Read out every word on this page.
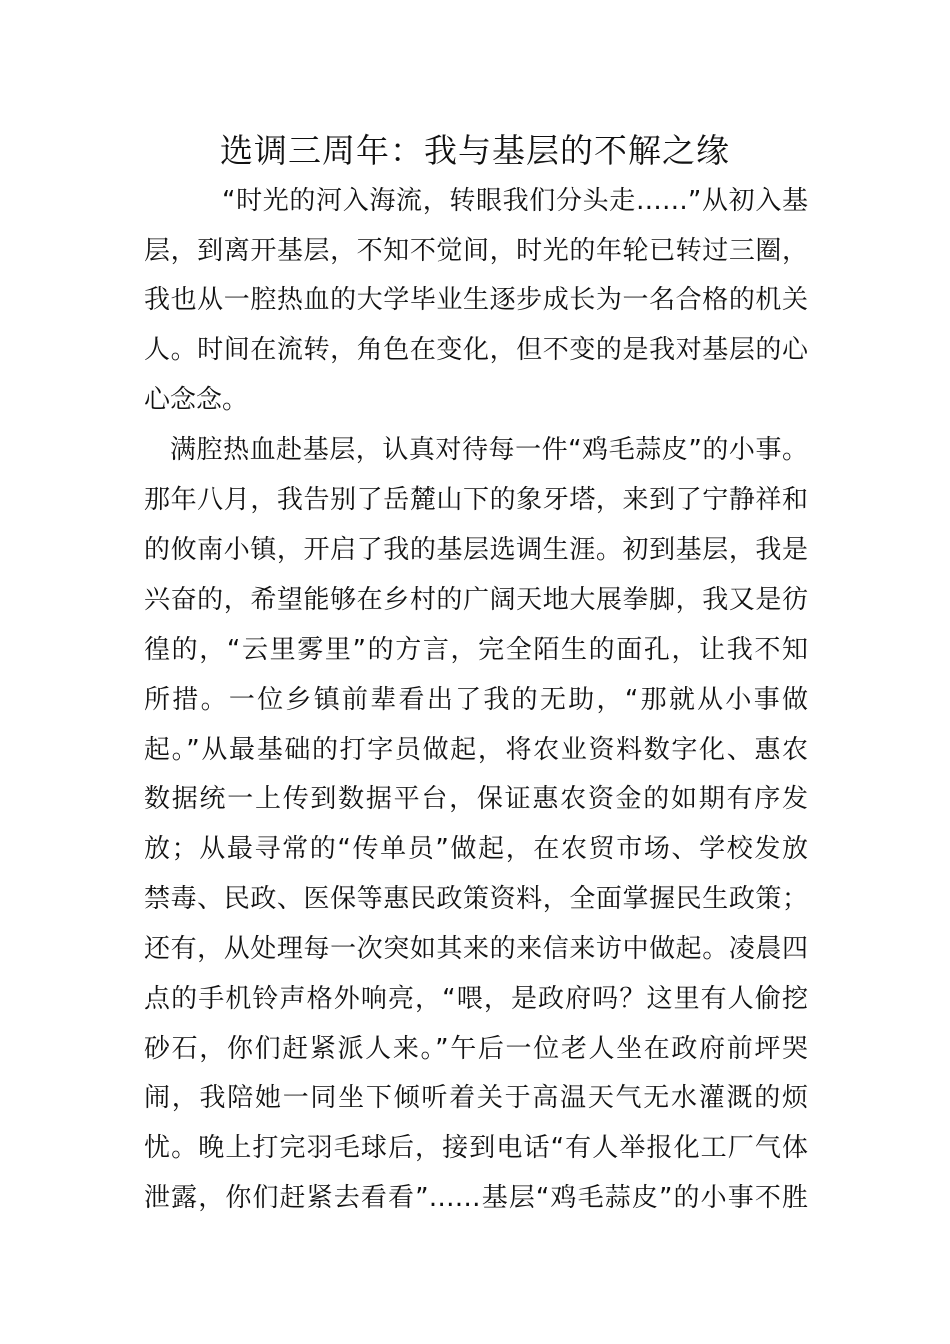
选调三周年：我与基层的不解之缘
“时光的河入海流，转眼我们分头走……”从初入基
层，到离开基层，不知不觉间，时光的年轮已转过三圈，
我也从一腔热血的大学毕业生逐步成长为一名合格的机关
人。时间在流转，角色在变化，但不变的是我对基层的心
心念念。
满腔热血赴基层，认真对待每一件“鸡毛蒜皮”的小事。
那年八月，我告别了岳麓山下的象牙塔，来到了宁静祥和
的攸南小镇，开启了我的基层选调生涯。初到基层，我是
兴奋的，希望能够在乡村的广阔天地大展拳脚，我又是彷
徨的，“云里雾里”的方言，完全陌生的面孔，让我不知
所措。一位乡镇前辈看出了我的无助，“那就从小事做
起。”从最基础的打字员做起，将农业资料数字化、惠农
数据统一上传到数据平台，保证惠农资金的如期有序发
放；从最寻常的“传单员”做起，在农贸市场、学校发放
禁毒、民政、医保等惠民政策资料，全面掌握民生政策；
还有，从处理每一次突如其来的来信来访中做起。凌晨四
点的手机铃声格外响亮，“喂，是政府吗？这里有人偷挖
砂石，你们赶紧派人来。”午后一位老人坐在政府前坪哭
闹，我陪她一同坐下倾听着关于高温天气无水灌溉的烦
忧。晚上打完羽毛球后，接到电话“有人举报化工厂气体
泄露，你们赶紧去看看”……基层“鸡毛蒜皮”的小事不胜
